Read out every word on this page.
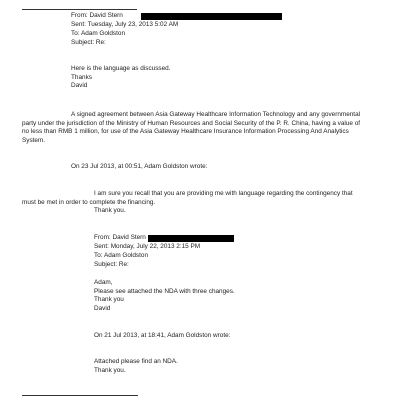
From: David Stern
Sent: Tuesday, July 23, 2013 5:02 AM
To: Adam Goldston
Subject: Re:
Here is the language as discussed.
Thanks
David
A signed agreement between Asia Gateway Healthcare Information Technology and any governmental
party under the jurisdiction of the Ministry of Human Resources and Social Security of the P. R. China, having a value of
no less than RMB 1 million, for use of the Asia Gateway Healthcare Insurance Information Processing And Analytics
System.
On 23 Jul 2013, at 00:51, Adam Goldston wrote:
I am sure you recall that you are providing me with language regarding the contingency that
must be met in order to complete the financing.
Thank you.
From: David Stern
Sent: Monday, July 22, 2013 2:15 PM
To: Adam Goldston
Subject: Re:
Adam,
Please see attached the NDA with three changes.
Thank you
David
On 21 Jul 2013, at 18:41, Adam Goldston wrote:
Attached please find an NDA.
Thank you.
